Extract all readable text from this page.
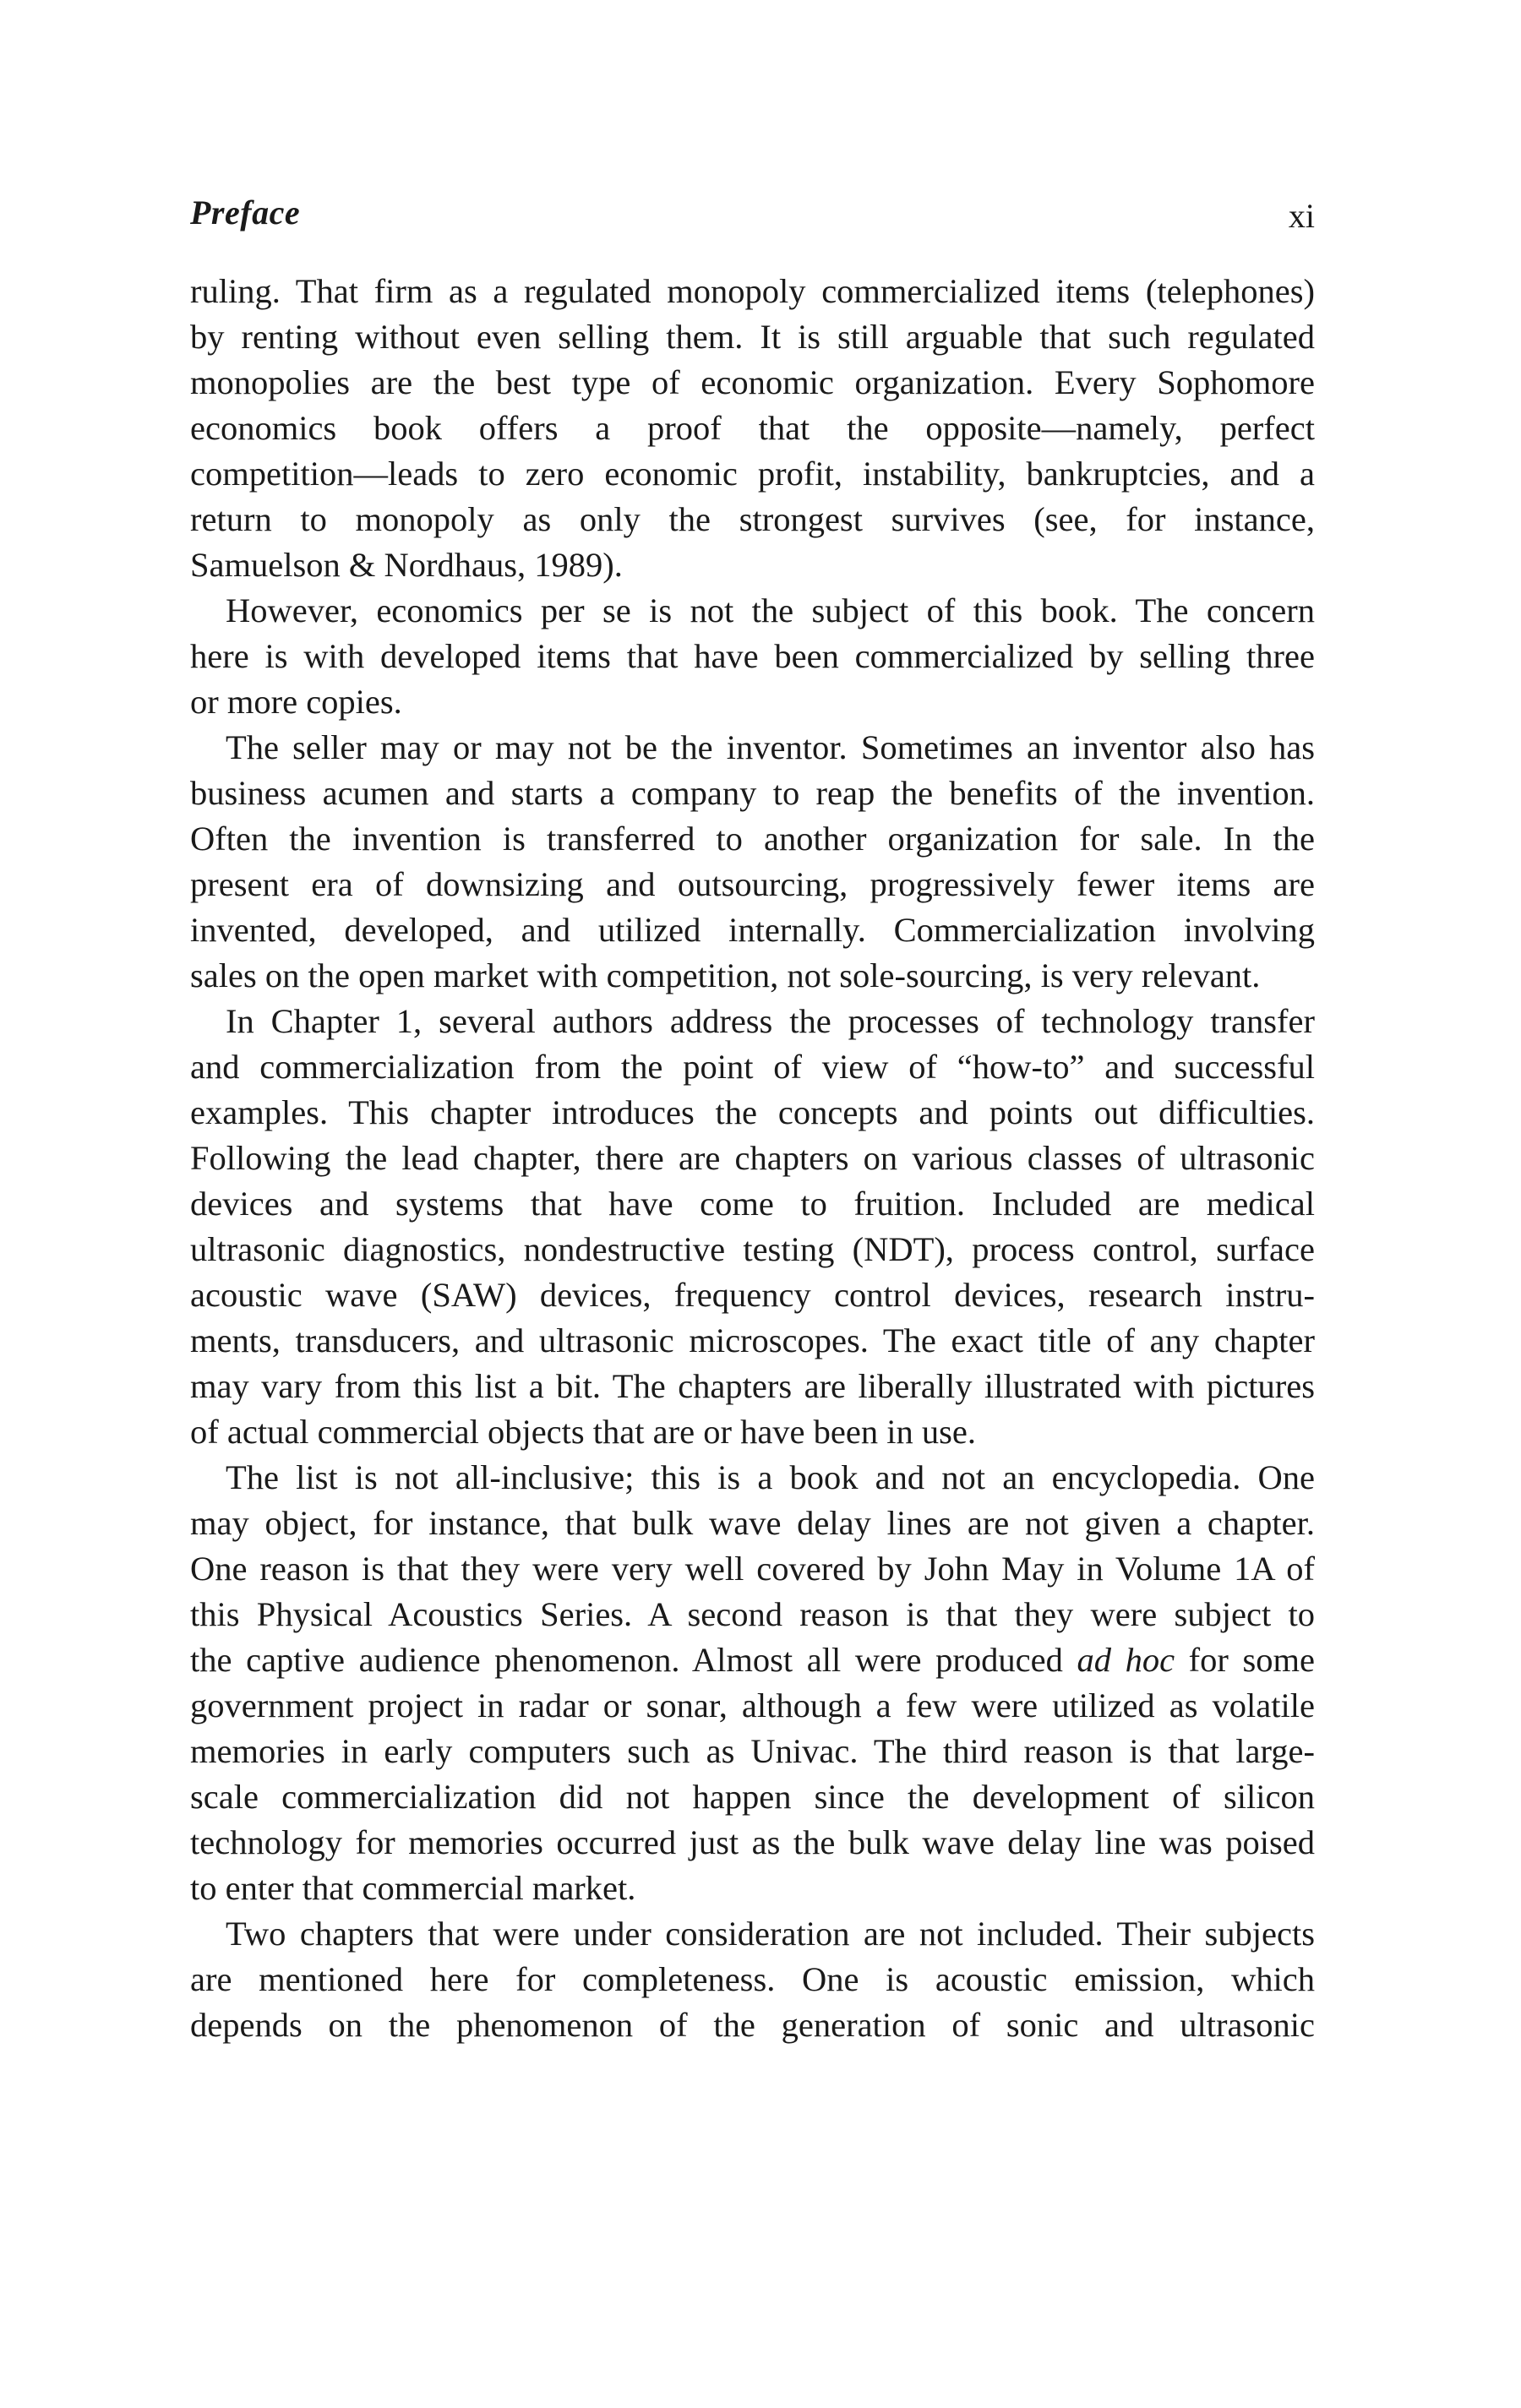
Preface	xi
ruling. That firm as a regulated monopoly commercialized items (telephones)
by renting without even selling them. It is still arguable that such regulated
monopolies are the best type of economic organization. Every Sophomore
economics book offers a proof that the opposite—namely, perfect
competition—leads to zero economic profit, instability, bankruptcies, and a
return to monopoly as only the strongest survives (see, for instance,
Samuelson & Nordhaus, 1989).
However, economics per se is not the subject of this book. The concern
here is with developed items that have been commercialized by selling three
or more copies.
The seller may or may not be the inventor. Sometimes an inventor also has
business acumen and starts a company to reap the benefits of the invention.
Often the invention is transferred to another organization for sale. In the
present era of downsizing and outsourcing, progressively fewer items are
invented, developed, and utilized internally. Commercialization involving
sales on the open market with competition, not sole-sourcing, is very relevant.
In Chapter 1, several authors address the processes of technology transfer
and commercialization from the point of view of “how-to” and successful
examples. This chapter introduces the concepts and points out difficulties.
Following the lead chapter, there are chapters on various classes of ultrasonic
devices and systems that have come to fruition. Included are medical
ultrasonic diagnostics, nondestructive testing (NDT), process control, surface
acoustic wave (SAW) devices, frequency control devices, research instru-
ments, transducers, and ultrasonic microscopes. The exact title of any chapter
may vary from this list a bit. The chapters are liberally illustrated with pictures
of actual commercial objects that are or have been in use.
The list is not all-inclusive; this is a book and not an encyclopedia. One
may object, for instance, that bulk wave delay lines are not given a chapter.
One reason is that they were very well covered by John May in Volume 1A of
this Physical Acoustics Series. A second reason is that they were subject to
the captive audience phenomenon. Almost all were produced ad hoc for some
government project in radar or sonar, although a few were utilized as volatile
memories in early computers such as Univac. The third reason is that large-
scale commercialization did not happen since the development of silicon
technology for memories occurred just as the bulk wave delay line was poised
to enter that commercial market.
Two chapters that were under consideration are not included. Their subjects
are mentioned here for completeness. One is acoustic emission, which
depends on the phenomenon of the generation of sonic and ultrasonic
